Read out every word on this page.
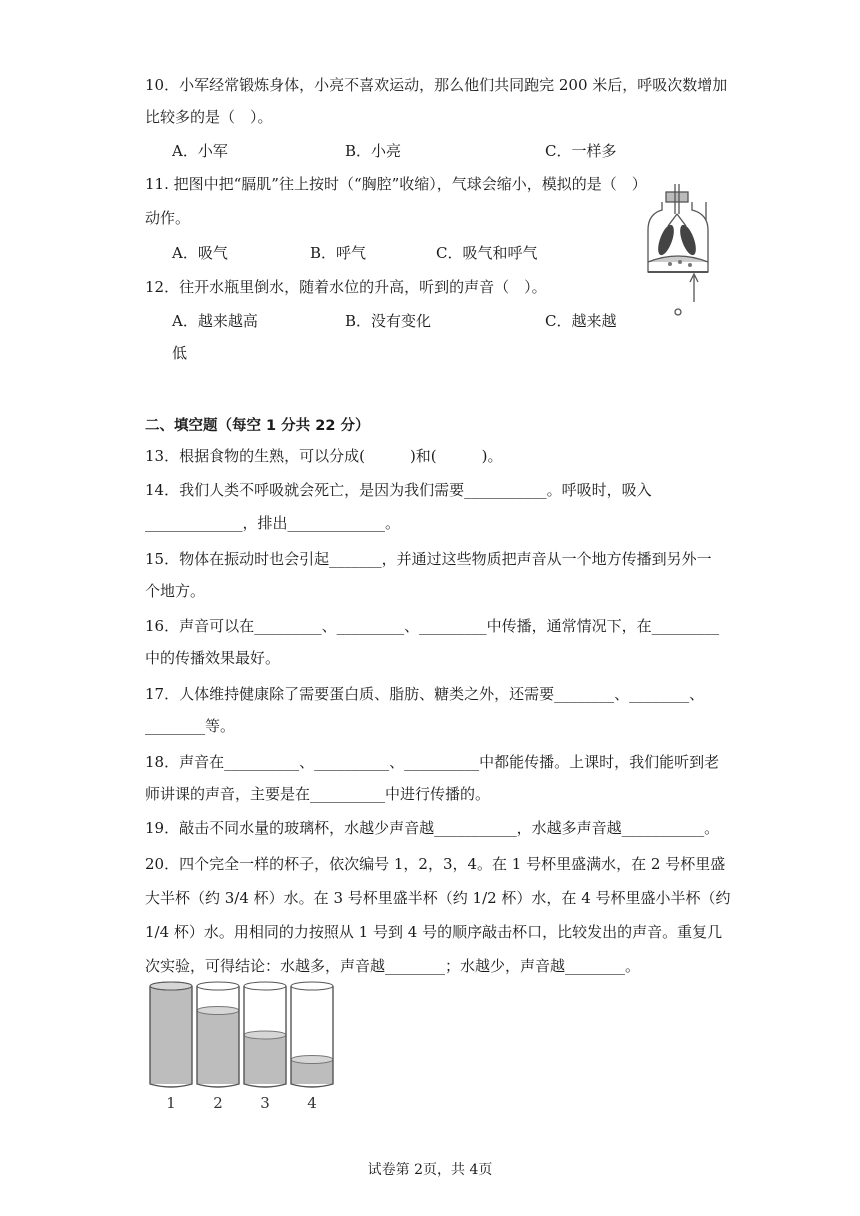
10．小军经常锻炼身体，小亮不喜欢运动，那么他们共同跑完 200 米后，呼吸次数增加
比较多的是（　）。
A．小军	B．小亮	C．一样多
11. 把图中把“膈肌”往上按时（“胸腔”收缩），气球会缩小，模拟的是（　）
动作。
A．吸气	B．呼气	C．吸气和呼气
12．往开水瓶里倒水，随着水位的升高，听到的声音（　）。
A．越来越高	B．没有变化	C．越来越
低
二、填空题（每空 1 分共 22 分）
13．根据食物的生熟，可以分成(　　　)和(　　　)。
14．我们人类不呼吸就会死亡，是因为我们需要___________。呼吸时，吸入
_____________，排出_____________。
15．物体在振动时也会引起_______，并通过这些物质把声音从一个地方传播到另外一
个地方。
16．声音可以在_________、_________、_________中传播，通常情况下，在_________
中的传播效果最好。
17．人体维持健康除了需要蛋白质、脂肪、糖类之外，还需要________、________、
________等。
18．声音在__________、__________、__________中都能传播。上课时，我们能听到老
师讲课的声音，主要是在__________中进行传播的。
19．敲击不同水量的玻璃杯，水越少声音越___________，水越多声音越___________。
20．四个完全一样的杯子，依次编号 1，2，3，4。在 1 号杯里盛满水，在 2 号杯里盛
大半杯（约 3/4 杯）水。在 3 号杯里盛半杯（约 1/2 杯）水，在 4 号杯里盛小半杯（约
1/4 杯）水。用相同的力按照从 1 号到 4 号的顺序敲击杯口，比较发出的声音。重复几
次实验，可得结论：水越多，声音越________；水越少，声音越________。
1 2 3 4
试卷第 2页，共 4页
